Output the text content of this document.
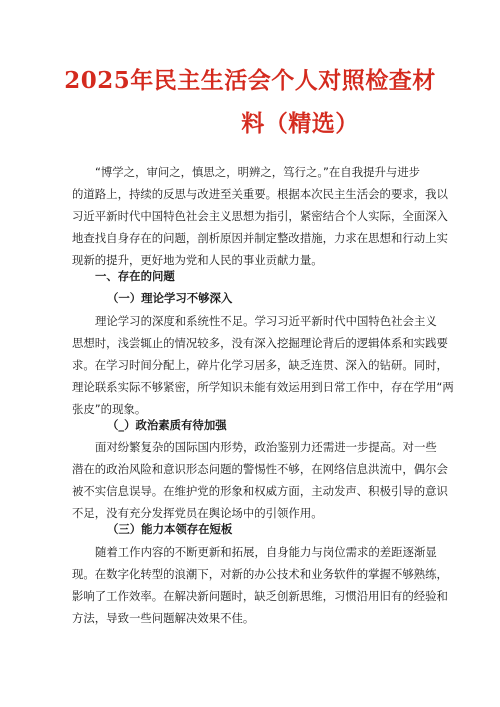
2025年民主生活会个人对照检查材
料（精选）
“博学之，审问之，慎思之，明辨之，笃行之。”在自我提升与进步
的道路上，持续的反思与改进至关重要。根据本次民主生活会的要求，我以
习近平新时代中国特色社会主义思想为指引，紧密结合个人实际，全面深入
地查找自身存在的问题，剖析原因并制定整改措施，力求在思想和行动上实
现新的提升，更好地为党和人民的事业贡献力量。

一、存在的问题

（一）理论学习不够深入

理论学习的深度和系统性不足。学习习近平新时代中国特色社会主义
思想时，浅尝辄止的情况较多，没有深入挖掘理论背后的逻辑体系和实践要
求。在学习时间分配上，碎片化学习居多，缺乏连贯、深入的钻研。同时，
理论联系实际不够紧密，所学知识未能有效运用到日常工作中，存在学用“两
张皮”的现象。

（_）政治素质有待加强

面对纷繁复杂的国际国内形势，政治鉴别力还需进一步提高。对一些
潜在的政治风险和意识形态问题的警惕性不够，在网络信息洪流中，偶尔会
被不实信息误导。在维护党的形象和权威方面，主动发声、积极引导的意识
不足，没有充分发挥党员在舆论场中的引领作用。

（三）能力本领存在短板

随着工作内容的不断更新和拓展，自身能力与岗位需求的差距逐渐显
现。在数字化转型的浪潮下，对新的办公技术和业务软件的掌握不够熟练，
影响了工作效率。在解决新问题时，缺乏创新思维，习惯沿用旧有的经验和
方法，导致一些问题解决效果不佳。
